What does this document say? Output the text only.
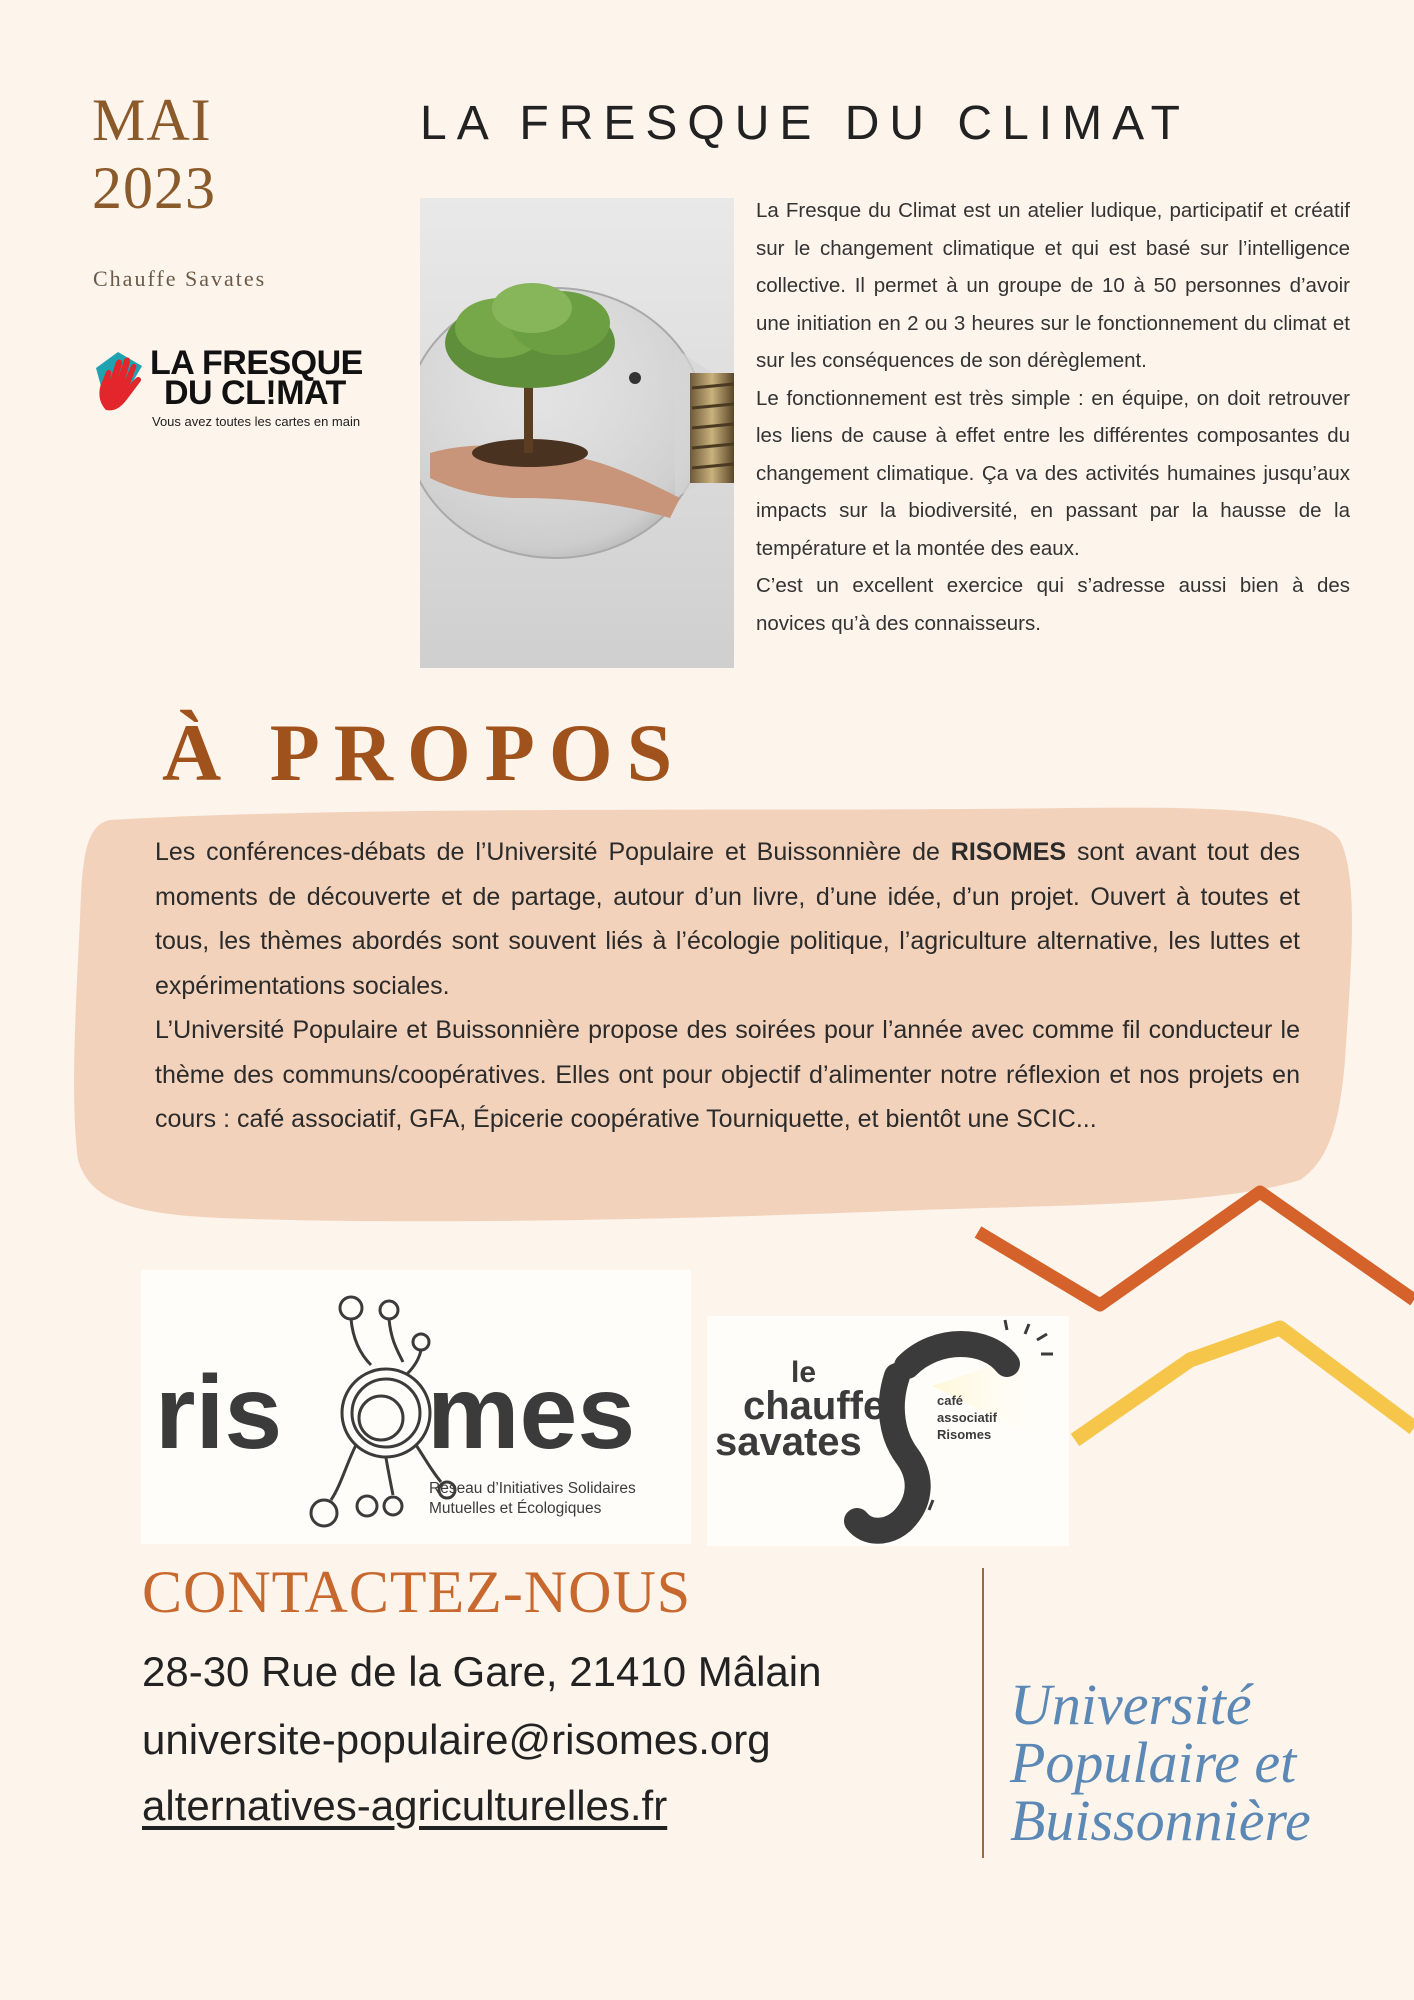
MAI
2023
Chauffe Savates
LA FRESQUE
DU CL!MAT
Vous avez toutes les cartes en main
LA FRESQUE DU CLIMAT

La Fresque du Climat est un atelier ludique, participatif et créatif sur le changement climatique et qui est basé sur l’intelligence collective. Il permet à un groupe de 10 à 50 personnes d’avoir une initiation en 2 ou 3 heures sur le fonctionnement du climat et sur les conséquences de son dérèglement.

Le fonctionnement est très simple : en équipe, on doit retrouver les liens de cause à effet entre les différentes composantes du changement climatique. Ça va des activités humaines jusqu’aux impacts sur la biodiversité, en passant par la hausse de la température et la montée des eaux.

C’est un excellent exercice qui s’adresse aussi bien à des novices qu’à des connaisseurs.

À PROPOS

Les conférences-débats de l’Université Populaire et Buissonnière de RISOMES sont avant tout des moments de découverte et de partage, autour d’un livre, d’une idée, d’un projet. Ouvert à toutes et tous, les thèmes abordés sont souvent liés à l’écologie politique, l’agriculture alternative, les luttes et expérimentations sociales.

L’Université Populaire et Buissonnière propose des soirées pour l’année avec comme fil conducteur le thème des communs/coopératives. Elles ont pour objectif d’alimenter notre réflexion et nos projets en cours : café associatif, GFA, Épicerie coopérative Tourniquette, et bientôt une SCIC...

ris mes
Réseau d’Initiatives Solidaires
Mutuelles et Écologiques
le
chauffe
savates
café
associatif
Risomes
CONTACTEZ-NOUS
28-30 Rue de la Gare, 21410 Mâlain
universite-populaire@risomes.org
alternatives-agriculturelles.fr
Université
Populaire et
Buissonnière
